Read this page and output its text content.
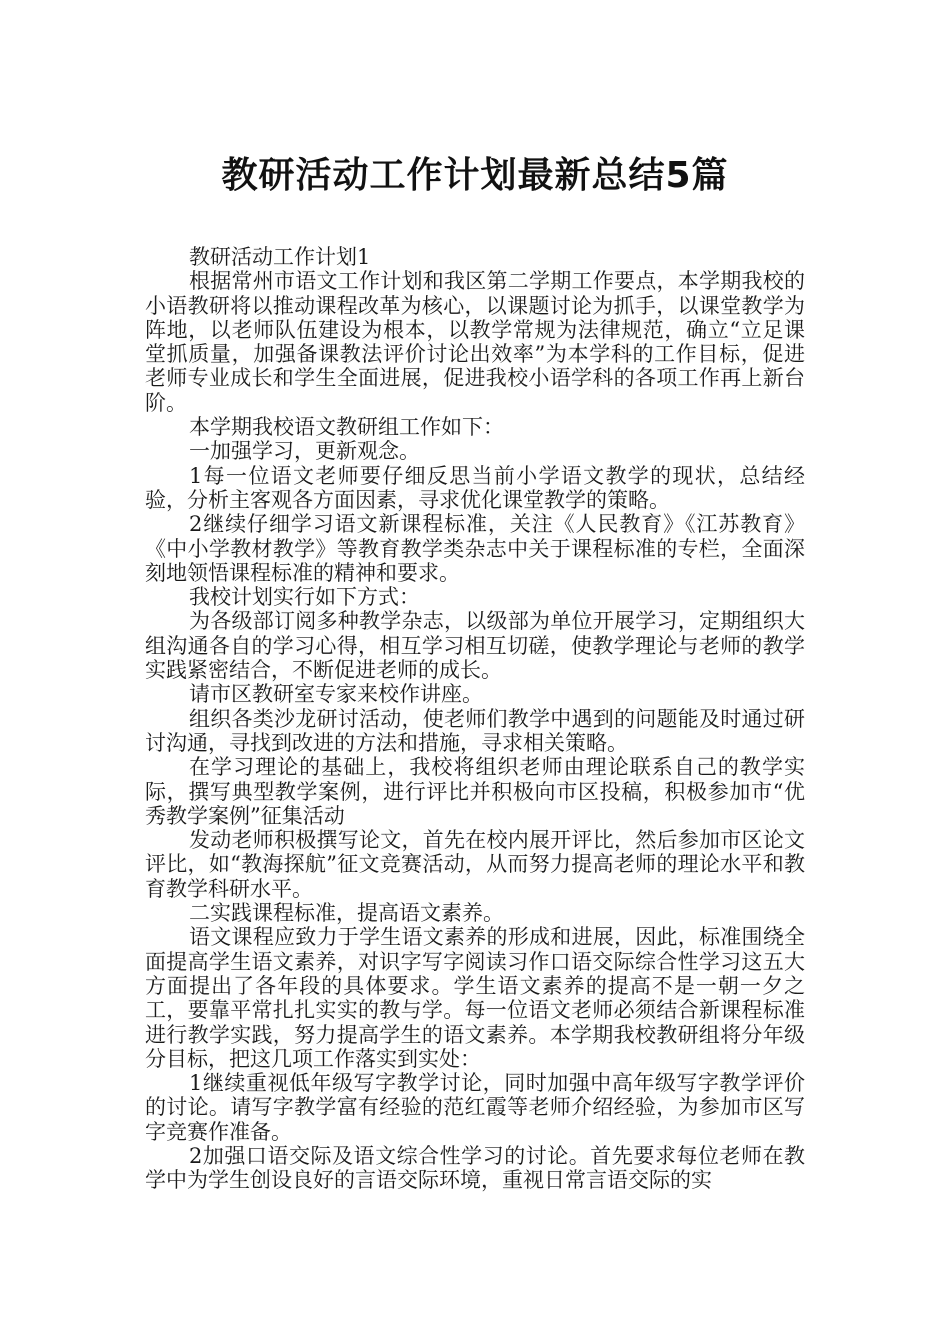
教研活动工作计划最新总结5篇

教研活动工作计划1

根据常州市语文工作计划和我区第二学期工作要点，本学期我校的小语教研将以推动课程改革为核心，以课题讨论为抓手，以课堂教学为阵地，以老师队伍建设为根本，以教学常规为法律规范，确立“立足课堂抓质量，加强备课教法评价讨论出效率”为本学科的工作目标，促进老师专业成长和学生全面进展，促进我校小语学科的各项工作再上新台阶。

本学期我校语文教研组工作如下：

一加强学习，更新观念。

1每一位语文老师要仔细反思当前小学语文教学的现状，总结经验，分析主客观各方面因素，寻求优化课堂教学的策略。

2继续仔细学习语文新课程标准，关注《人民教育》《江苏教育》《中小学教材教学》等教育教学类杂志中关于课程标准的专栏，全面深刻地领悟课程标准的精神和要求。

我校计划实行如下方式：

为各级部订阅多种教学杂志，以级部为单位开展学习，定期组织大组沟通各自的学习心得，相互学习相互切磋，使教学理论与老师的教学实践紧密结合，不断促进老师的成长。

请市区教研室专家来校作讲座。

组织各类沙龙研讨活动，使老师们教学中遇到的问题能及时通过研讨沟通，寻找到改进的方法和措施，寻求相关策略。

在学习理论的基础上，我校将组织老师由理论联系自己的教学实际，撰写典型教学案例，进行评比并积极向市区投稿，积极参加市“优秀教学案例”征集活动

发动老师积极撰写论文，首先在校内展开评比，然后参加市区论文评比，如“教海探航”征文竞赛活动，从而努力提高老师的理论水平和教育教学科研水平。

二实践课程标准，提高语文素养。

语文课程应致力于学生语文素养的形成和进展，因此，标准围绕全面提高学生语文素养，对识字写字阅读习作口语交际综合性学习这五大方面提出了各年段的具体要求。学生语文素养的提高不是一朝一夕之工，要靠平常扎扎实实的教与学。每一位语文老师必须结合新课程标准进行教学实践，努力提高学生的语文素养。本学期我校教研组将分年级分目标，把这几项工作落实到实处：

1继续重视低年级写字教学讨论，同时加强中高年级写字教学评价的讨论。请写字教学富有经验的范红霞等老师介绍经验，为参加市区写字竞赛作准备。

2加强口语交际及语文综合性学习的讨论。首先要求每位老师在教学中为学生创设良好的言语交际环境，重视日常言语交际的实
